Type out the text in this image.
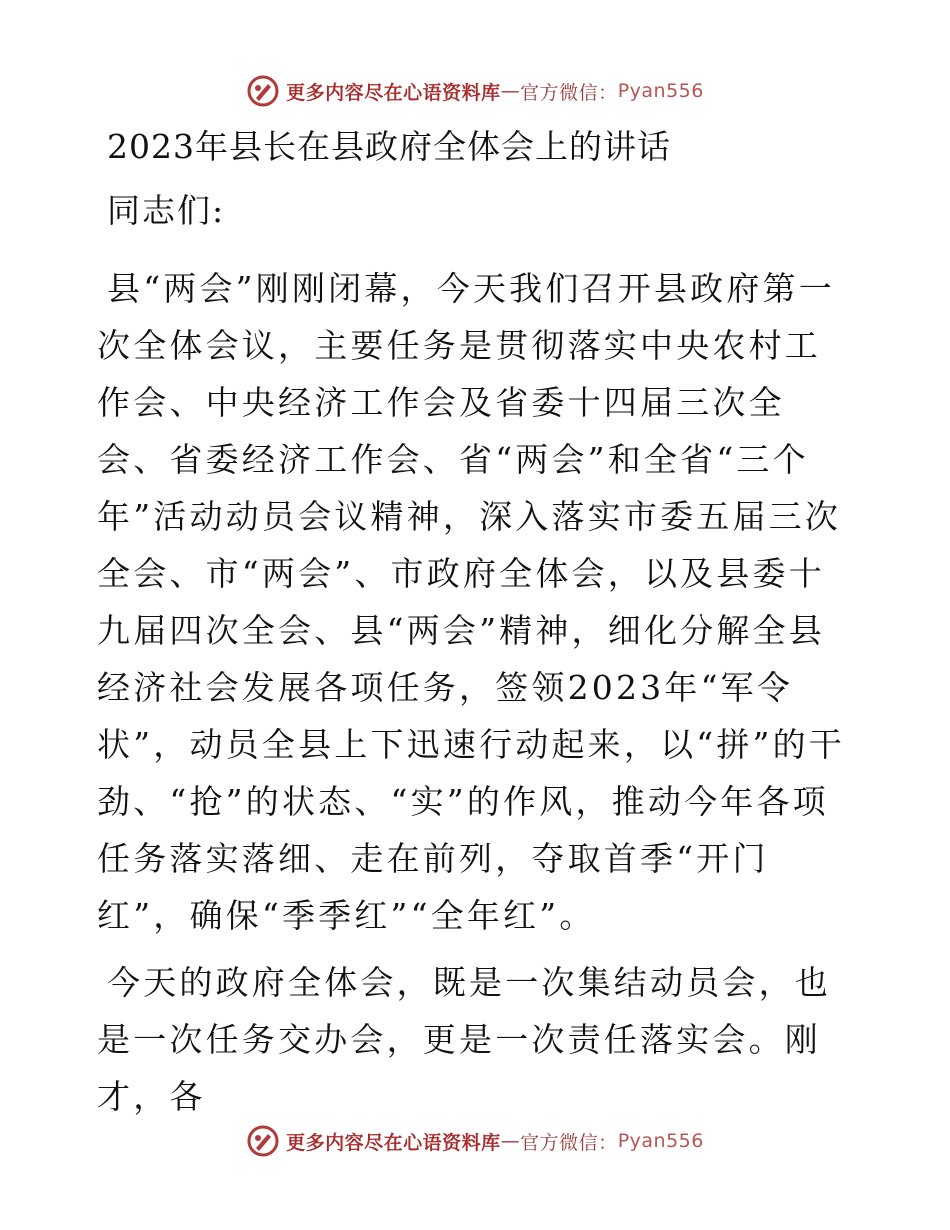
更多内容尽在心语资料库 — 官方微信： Pyan556
2023年县长在县政府全体会上的讲话

同志们:

县“两会”刚刚闭幕，今天我们召开县政府第一次全体会议，主要任务是贯彻落实中央农村工作会、中央经济工作会及省委十四届三次全会、省委经济工作会、省“两会”和全省“三个年”活动动员会议精神，深入落实市委五届三次全会、市“两会”、市政府全体会，以及县委十九届四次全会、县“两会”精神，细化分解全县经济社会发展各项任务，签领2023年“军令状”，动员全县上下迅速行动起来，以“拼”的干劲、“抢”的状态、“实”的作风，推动今年各项任务落实落细、走在前列，夺取首季“开门红”，确保“季季红”“全年红”。

今天的政府全体会，既是一次集结动员会，也是一次任务交办会，更是一次责任落实会。刚才，各

更多内容尽在心语资料库 — 官方微信： Pyan556
